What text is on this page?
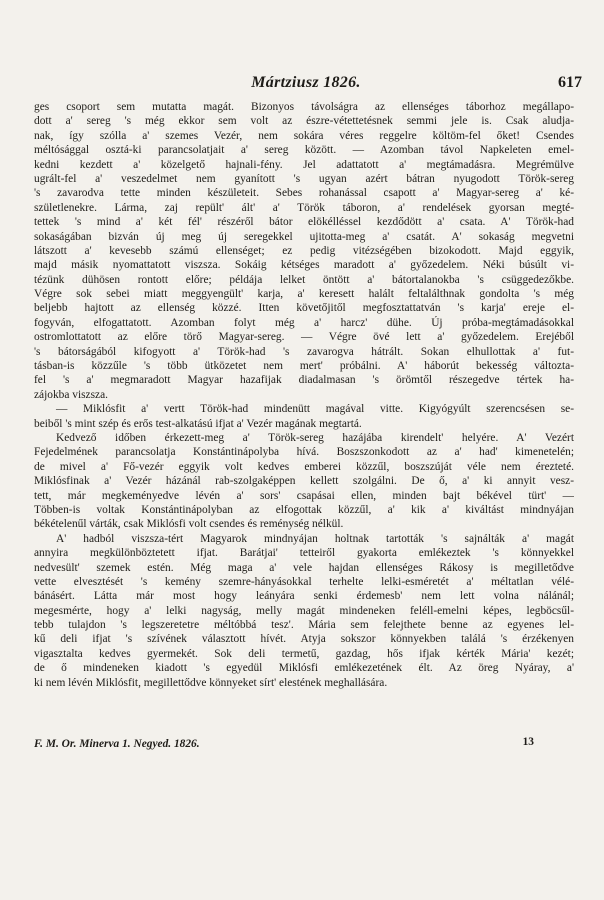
Mártziusz 1826.	617
ges csoport sem mutatta magát. Bizonyos távolságra az ellenséges táborhoz megállapo-
dott a' sereg 's még ekkor sem volt az észre-vétettetésnek semmi jele is. Csak aludja-
nak, így szólla a' szemes Vezér, nem sokára véres reggelre költöm-fel őket! Csendes
méltósággal osztá-ki parancsolatjait a' sereg között. — Azomban távol Napkeleten emel-
kedni kezdett a' közelgető hajnali-fény. Jel adattatott a' megtámadásra. Megrémülve
ugrált-fel a' veszedelmet nem gyanított 's ugyan azért bátran nyugodott Török-sereg
's zavarodva tette minden készületeit. Sebes rohanással csapott a' Magyar-sereg a' ké-
születlenekre. Lárma, zaj repült' ált' a' Török táboron, a' rendelések gyorsan megté-
tettek 's mind a' két fél' részéről bátor elökélléssel kezdődött a' csata. A' Török-had
sokaságában bizván új meg új seregekkel ujitotta-meg a' csatát. A' sokaság megvetni
látszott a' kevesebb számú ellenséget; ez pedig vitézségében bizokodott. Majd eggyik,
majd másik nyomattatott viszsza. Sokáig kétséges maradott a' győzedelem. Néki búsúlt vi-
tézünk dühösen rontott előre; példája lelket öntött a' bátortalanokba 's csüggedezőkbe.
Végre sok sebei miatt meggyengült' karja, a' keresett halált feltalálthnak gondolta 's még
beljebb hajtott az ellenség közzé. Itten követőjitől megfosztattatván 's karja' ereje el-
fogyván, elfogattatott. Azomban folyt még a' harcz' dühe. Új próba-megtámadásokkal
ostromlottatott az előre törő Magyar-sereg. — Végre övé lett a' győzedelem. Erejéből
's bátorságából kifogyott a' Török-had 's zavarogva hátrált. Sokan elhullottak a' fut-
tásban-is közzűle 's több ütközetet nem mert' próbálni. A' háborút bekesség változta-
fel 's a' megmaradott Magyar hazafijak diadalmasan 's örömtől részegedve tértek ha-
zájokba viszsza.
— Miklósfit a' vertt Török-had mindenütt magával vitte. Kigyógyúlt szerencsésen se-
beiből 's mint szép és erős test-alkatású ifjat a' Vezér magának megtartá.
Kedvező időben érkezett-meg a' Török-sereg hazájába kirendelt' helyére. A' Vezért
Fejedelmének parancsolatja Konstántinápolyba hívá. Boszszonkodott az a' had' kimenetelén;
de mivel a' Fő-vezér eggyik volt kedves emberei közzűl, boszszúját véle nem érezteté.
Miklósfinak a' Vezér házánál rab-szolgaképpen kellett szolgálni. De ő, a' ki annyit vesz-
tett, már megkeményedve lévén a' sors' csapásai ellen, minden bajt békével türt' —
Többen-is voltak Konstántinápolyban az elfogottak közzűl, a' kik a' kiváltást mindnyájan
békételenűl várták, csak Miklósfi volt csendes és reménység nélkül.
A' hadból viszsza-tért Magyarok mindnyájan holtnak tartották 's sajnálták a' magát
annyira megkülönböztetett ifjat. Barátjai' tetteiről gyakorta emlékeztek 's könnyekkel
nedvesült' szemek estén. Még maga a' vele hajdan ellenséges Rákosy is megilletődve
vette elvesztését 's kemény szemre-hányásokkal terhelte lelki-esméretét a' méltatlan vélé-
bánásért. Látta már most hogy leányára senki érdemesb' nem lett volna nálánál;
megesmérte, hogy a' lelki nagyság, melly magát mindeneken feléll-emelni képes, legböcsűl-
tebb tulajdon 's legszeretetre méltóbbá tesz'. Mária sem felejthete benne az egyenes lel-
kű deli ifjat 's szívének választott hívét. Atyja sokszor könnyekben találá 's érzékenyen
vigasztalta kedves gyermekét. Sok deli termetű, gazdag, hős ifjak kérték Mária' kezét;
de ő mindeneken kiadott 's egyedül Miklósfi emlékezetének élt. Az öreg Nyáray, a'
ki nem lévén Miklósfit, megillettődve könnyeket sírt' elestének meghallására.
F. M. Or. Minerva 1. Negyed. 1826.	13
